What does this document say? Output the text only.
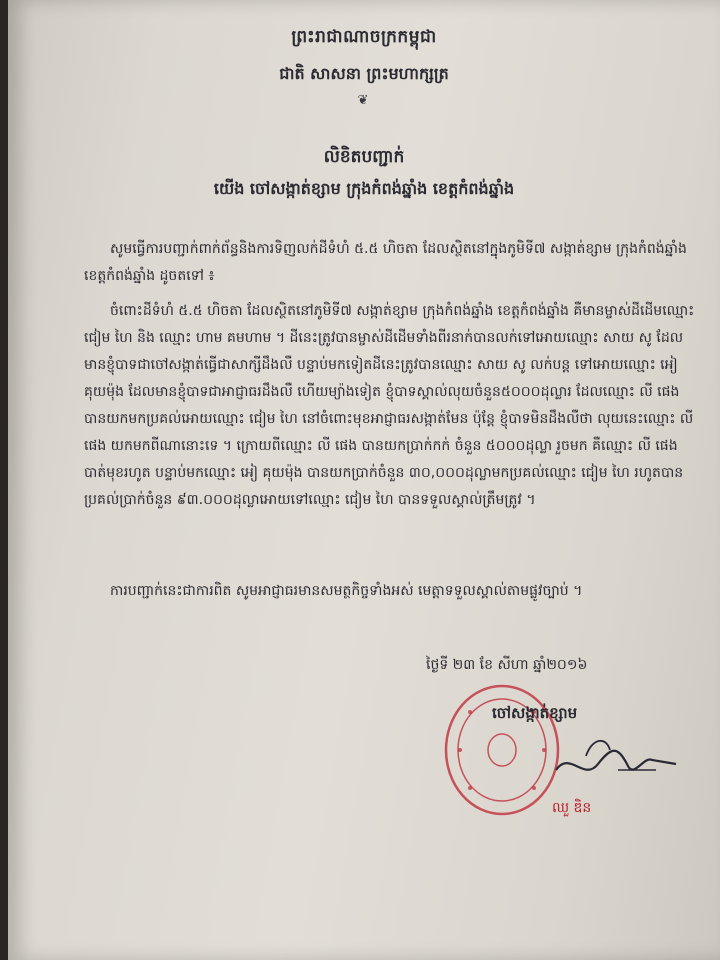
ព្រះរាជាណាចក្រកម្ពុជា
ជាតិ សាសនា ព្រះមហាក្សត្រ
❦
លិខិតបញ្ជាក់
យើង ចៅសង្កាត់ខ្សាម ក្រុងកំពង់ឆ្នាំង ខេត្តកំពង់ឆ្នាំង
សូមធ្វើការបញ្ជាក់ពាក់ព័ន្ធនិងការទិញលក់ដីទំហំ ៥.៥ ហិចតា ដែលស្ថិតនៅក្នុងភូមិទី៧ សង្កាត់ខ្សាម ក្រុងកំពង់ឆ្នាំង ខេត្តកំពង់ឆ្នាំង ដូចតទៅ ៖
ចំពោះដីទំហំ ៥.៥ ហិចតា ដែលស្ថិតនៅភូមិទី៧ សង្កាត់ខ្សាម ក្រុងកំពង់ឆ្នាំង ខេត្តកំពង់ឆ្នាំង គឺមានម្ចាស់ដីដើមឈ្មោះ ជៀម ហៃ និង ឈ្មោះ ហាម គមហាម ។ ដីនេះត្រូវបានម្ចាស់ដីដើមទាំងពីរនាក់បានលក់ទៅអោយឈ្មោះ សាយ សូ ដែលមានខ្ញុំបាទជាចៅសង្កាត់ធ្វើជាសាក្សីដឹងលឺ បន្ទាប់មកទៀតដីនេះត្រូវបានឈ្មោះ សាយ សូ លក់បន្ត ទៅអោយឈ្មោះ អៀ គុយម៉ុង ដែលមានខ្ញុំបាទជាអាជ្ញាធរដឹងលឺ ហើយម្យ៉ាងទៀត ខ្ញុំបាទស្គាល់លុយចំនួន៥០០០ដុល្លារ ដែលឈ្មោះ លី ផេង បានយកមកប្រគល់អោយឈ្មោះ ជៀម ហៃ នៅចំពោះមុខអាជ្ញាធរសង្កាត់មែន ប៉ុន្តែ ខ្ញុំបាទមិនដឹងលឺថា លុយនេះឈ្មោះ លី ផេង យកមកពីណានោះទេ ។ ក្រោយពីឈ្មោះ លី ផេង បានយកប្រាក់កក់ ចំនួន ៥០០០ដុល្លា រួចមក គឺឈ្មោះ លី ផេង បាត់មុខរហូត បន្ទាប់មកឈ្មោះ អៀ គុយម៉ុង បានយកប្រាក់ចំនួន ៣០,០០០ដុល្លាមកប្រគល់ឈ្មោះ ជៀម ហៃ រហូតបានប្រគល់ប្រាក់ចំនួន ៩៣.០០០ដុល្លាអោយទៅឈ្មោះ ជៀម ហៃ បានទទួលស្គាល់ត្រឹមត្រូវ ។
ការបញ្ជាក់នេះជាការពិត សូមអាជ្ញាធរមានសមត្ថកិច្ចទាំងអស់ មេត្តាទទួលស្គាល់តាមផ្លូវច្បាប់ ។
ថ្ងៃទី ២៣ ខែ សីហា ឆ្នាំ២០១៦
ចៅសង្កាត់ខ្សាម
ឈួ ឌិន
